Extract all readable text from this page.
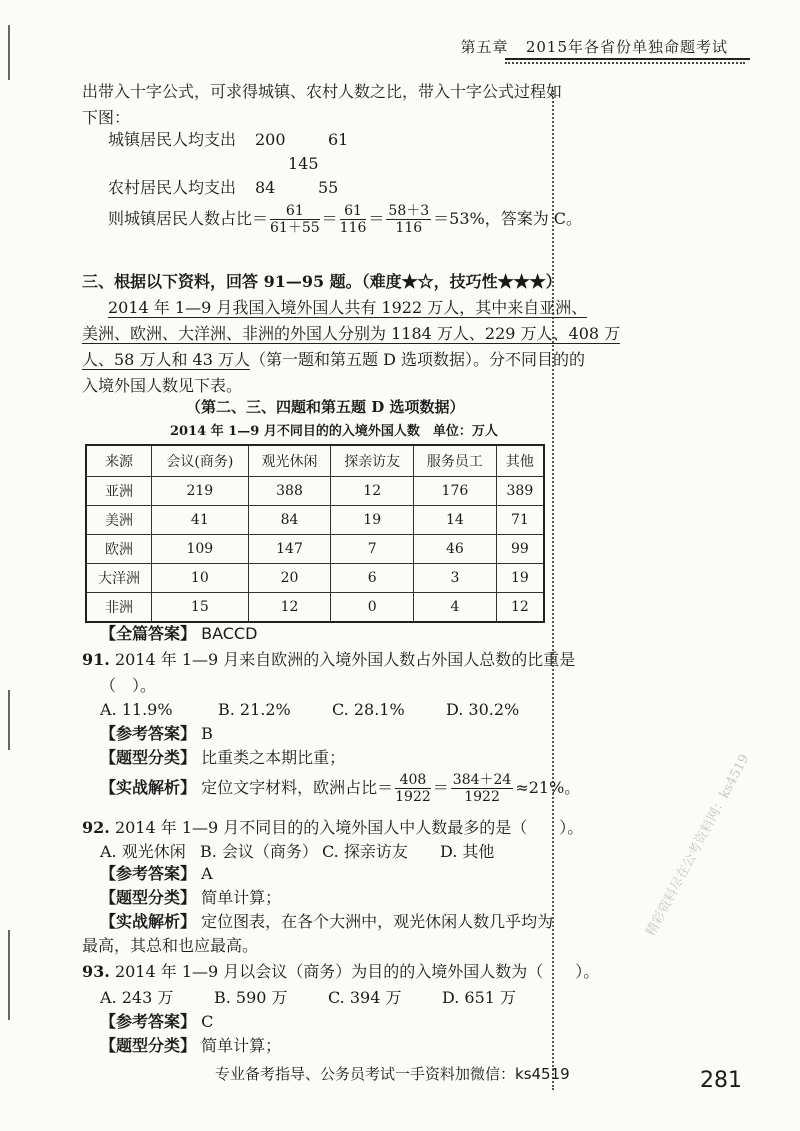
第五章 2015年各省份单独命题考试
出带入十字公式，可求得城镇、农村人数之比，带入十字公式过程如
下图：
城镇居民人均支出 200	61
145
农村居民人均支出 84	55
则城镇居民人数占比＝ $\frac{61}{61+55} = \frac{61}{116} = \frac{58+3}{116} =53\%$，答案为 C。
三、根据以下资料，回答 91—95 题。（难度★☆，技巧性★★★）
2014 年 1—9 月我国入境外国人共有 1922 万人，其中来自亚洲、
美洲、欧洲、大洋洲、非洲的外国人分别为 1184 万人、229 万人、408 万
人、58 万人和 43 万人（第一题和第五题 D 选项数据）。分不同目的的
入境外国人数见下表。
（第二、三、四题和第五题 D 选项数据）
2014 年 1—9 月不同目的的入境外国人数　单位：万人
来源	会议(商务)	观光休闲	探亲访友	服务员工	其他
亚洲	219	388	12	176	389
美洲	41	84	19	14	71
欧洲	109	147	7	46	99
大洋洲	10	20	6	3	19
非洲	15	12	0	4	12
【全篇答案】 BACCD
91. 2014 年 1—9 月来自欧洲的入境外国人数占外国人总数的比重是
（　）。
A. 11.9%	B. 21.2%	C. 28.1%	D. 30.2%
【参考答案】 B
【题型分类】 比重类之本期比重；
【实战解析】 定位文字材料，欧洲占比＝ $\frac{408}{1922} = \frac{384+24}{1922} \approx 21\%$。
92. 2014 年 1—9 月不同目的的入境外国人中人数最多的是（　　）。
A. 观光休闲 B. 会议（商务） C. 探亲访友 D. 其他
【参考答案】 A
【题型分类】 简单计算；
【实战解析】 定位图表，在各个大洲中，观光休闲人数几乎均为
最高，其总和也应最高。
93. 2014 年 1—9 月以会议（商务）为目的的入境外国人数为（　　）。
A. 243 万	B. 590 万	C. 394 万	D. 651 万
【参考答案】 C
【题型分类】 简单计算；
精彩资料尽在公考资料网：ks4519
专业备考指导、公务员考试一手资料加微信：ks4519	281
